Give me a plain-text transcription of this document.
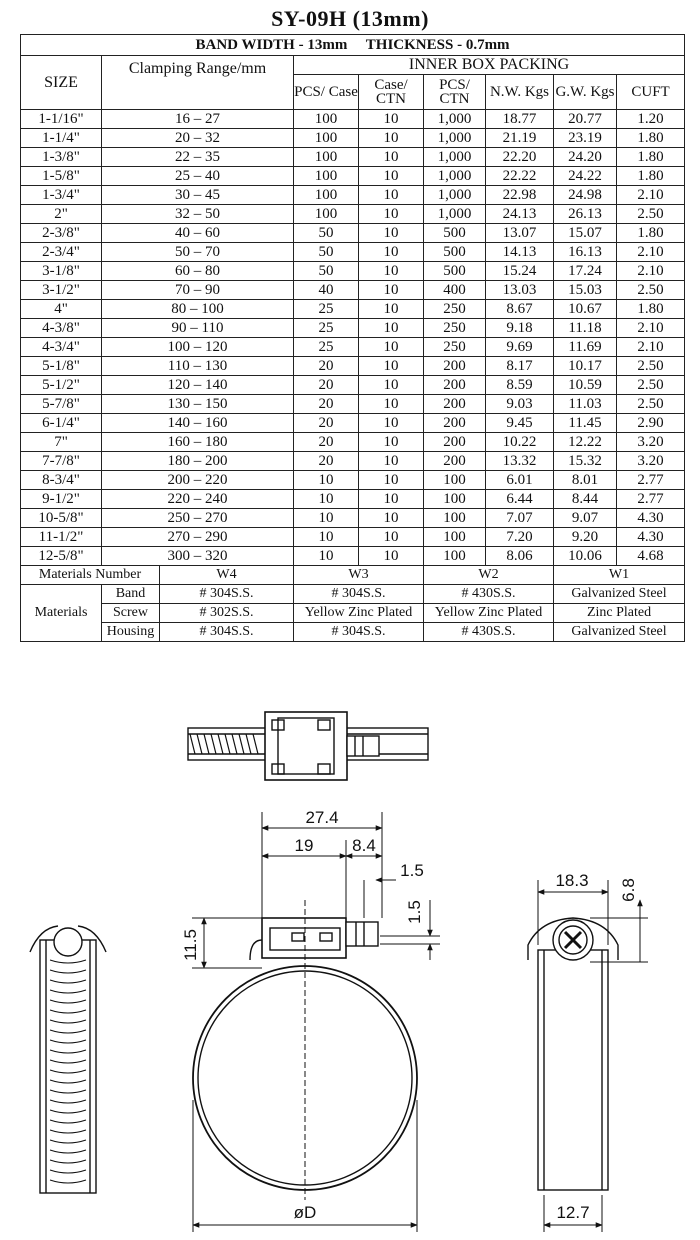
SY-09H (13mm)
BAND WIDTH - 13mm     THICKNESS - 0.7mm								
SIZE	Clamping Range/mm		INNER BOX PACKING					
			PCS/ Case	Case/ CTN	PCS/ CTN	N.W. Kgs	G.W. Kgs	CUFT
1-1/16"	16 – 27		100	10	1,000	18.77	20.77	1.20
1-1/4"	20 – 32		100	10	1,000	21.19	23.19	1.80
1-3/8"	22 – 35		100	10	1,000	22.20	24.20	1.80
1-5/8"	25 – 40		100	10	1,000	22.22	24.22	1.80
1-3/4"	30 – 45		100	10	1,000	22.98	24.98	2.10
2"	32 – 50		100	10	1,000	24.13	26.13	2.50
2-3/8"	40 – 60		50	10	500	13.07	15.07	1.80
2-3/4"	50 – 70		50	10	500	14.13	16.13	2.10
3-1/8"	60 – 80		50	10	500	15.24	17.24	2.10
3-1/2"	70 – 90		40	10	400	13.03	15.03	2.50
4"	80 – 100		25	10	250	8.67	10.67	1.80
4-3/8"	90 – 110		25	10	250	9.18	11.18	2.10
4-3/4"	100 – 120		25	10	250	9.69	11.69	2.10
5-1/8"	110 – 130		20	10	200	8.17	10.17	2.50
5-1/2"	120 – 140		20	10	200	8.59	10.59	2.50
5-7/8"	130 – 150		20	10	200	9.03	11.03	2.50
6-1/4"	140 – 160		20	10	200	9.45	11.45	2.90
7"	160 – 180		20	10	200	10.22	12.22	3.20
7-7/8"	180 – 200		20	10	200	13.32	15.32	3.20
8-3/4"	200 – 220		10	10	100	6.01	8.01	2.77
9-1/2"	220 – 240		10	10	100	6.44	8.44	2.77
10-5/8"	250 – 270		10	10	100	7.07	9.07	4.30
11-1/2"	270 – 290		10	10	100	7.20	9.20	4.30
12-5/8"	300 – 320		10	10	100	8.06	10.06	4.68
Materials Number		W4	W3		W2		W1	
Materials	Band	# 304S.S.	# 304S.S.		# 430S.S.		Galvanized Steel	
	Screw	# 302S.S.	Yellow Zinc Plated		Yellow Zinc Plated		Zinc Plated	
	Housing	# 304S.S.	# 304S.S.		# 430S.S.		Galvanized Steel	
27.4
19 8.4
1.5
1.5
11.5
øD
18.3 6.8
12.7
